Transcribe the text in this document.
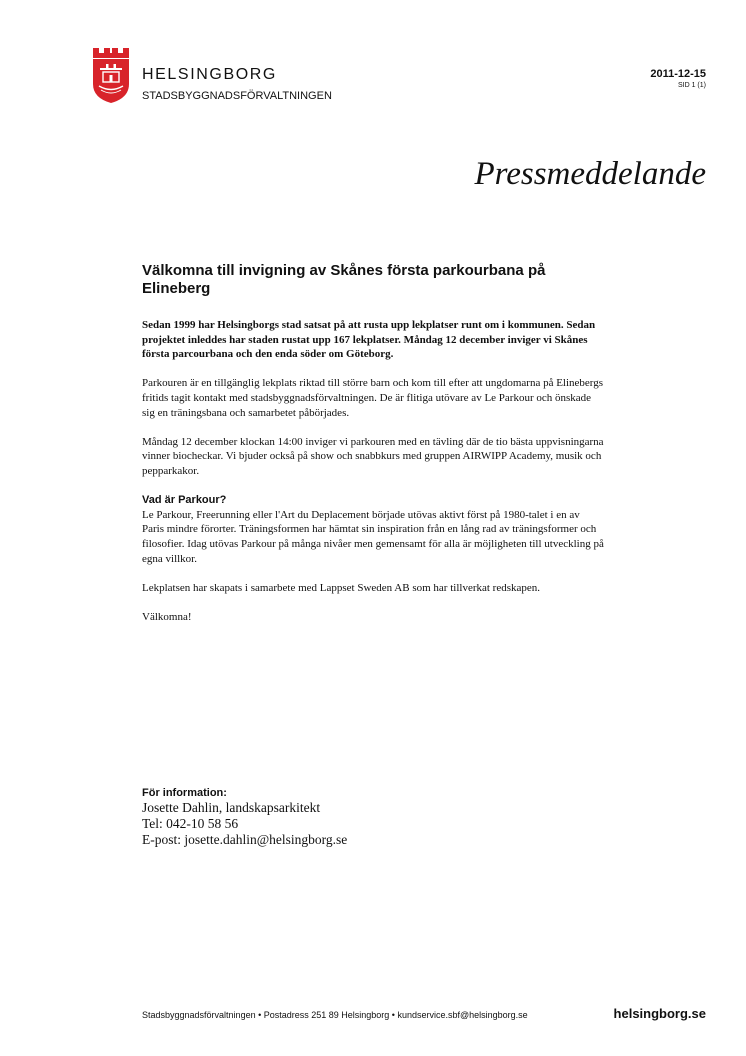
HELSINGBORG
STADSBYGGNADSFÖRVALTNINGEN
2011-12-15
SID 1 (1)
Pressmeddelande
Välkomna till invigning av Skånes första parkourbana på Elineberg

Sedan 1999 har Helsingborgs stad satsat på att rusta upp lekplatser runt om i kommunen. Sedan projektet inleddes har staden rustat upp 167 lekplatser. Måndag 12 december inviger vi Skånes första parcourbana och den enda söder om Göteborg.

Parkouren är en tillgänglig lekplats riktad till större barn och kom till efter att ungdomarna på Elinebergs fritids tagit kontakt med stadsbyggnadsförvaltningen. De är flitiga utövare av Le Parkour och önskade sig en träningsbana och samarbetet påbörjades.

Måndag 12 december klockan 14:00 inviger vi parkouren med en tävling där de tio bästa uppvisningarna vinner biocheckar. Vi bjuder också på show och snabbkurs med gruppen AIRWIPP Academy, musik och pepparkakor.

Vad är Parkour?
Le Parkour, Freerunning eller l'Art du Deplacement började utövas aktivt först på 1980-talet i en av Paris mindre förorter. Träningsformen har hämtat sin inspiration från en lång rad av träningsformer och filosofier. Idag utövas Parkour på många nivåer men gemensamt för alla är möjligheten till utveckling på egna villkor.

Lekplatsen har skapats i samarbete med Lappset Sweden AB som har tillverkat redskapen.

Välkomna!

För information:
Josette Dahlin, landskapsarkitekt
Tel: 042-10 58 56
E-post: josette.dahlin@helsingborg.se
Stadsbyggnadsförvaltningen • Postadress 251 89 Helsingborg • kundservice.sbf@helsingborg.se	helsingborg.se
